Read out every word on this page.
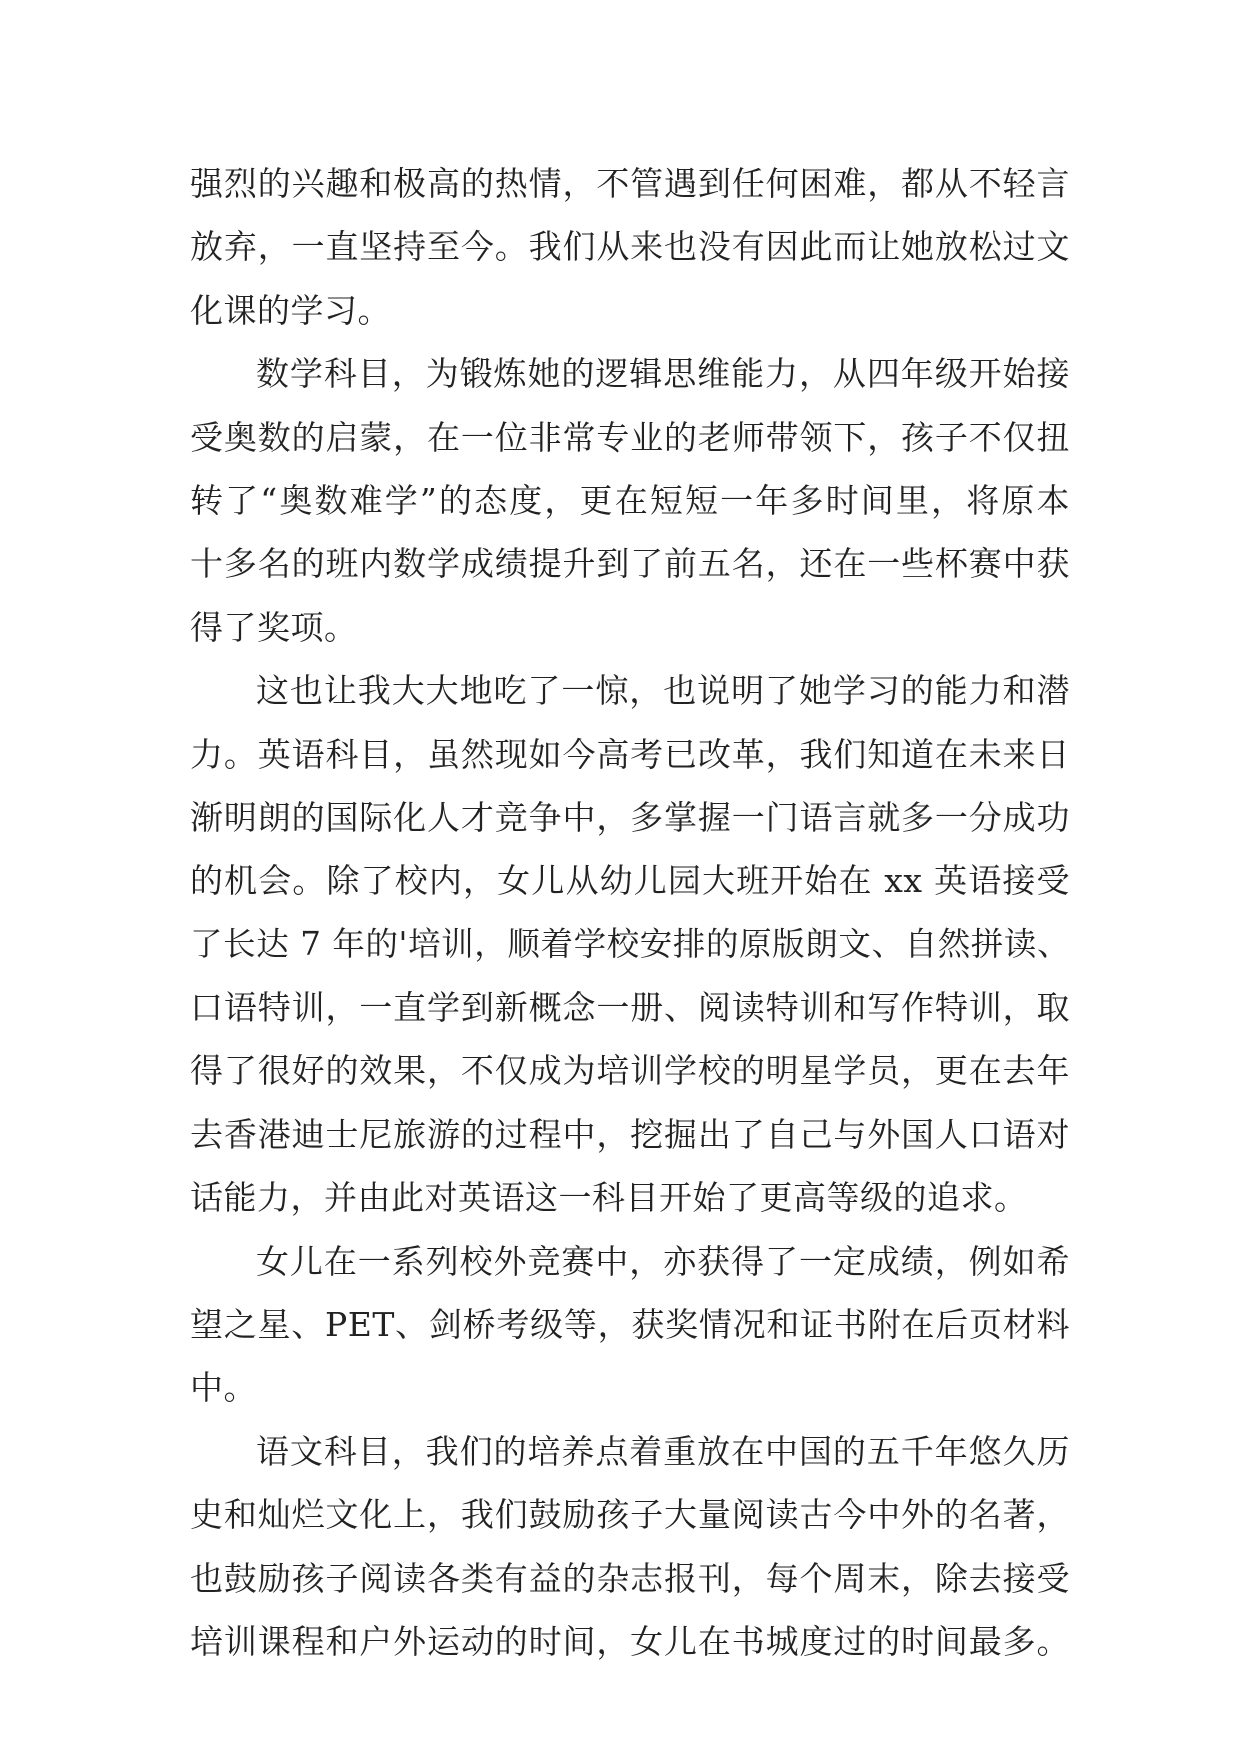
强烈的兴趣和极高的热情，不管遇到任何困难，都从不轻言
放弃，一直坚持至今。我们从来也没有因此而让她放松过文
化课的学习。
数学科目，为锻炼她的逻辑思维能力，从四年级开始接
受奥数的启蒙，在一位非常专业的老师带领下，孩子不仅扭
转了“奥数难学”的态度，更在短短一年多时间里，将原本
十多名的班内数学成绩提升到了前五名，还在一些杯赛中获
得了奖项。
这也让我大大地吃了一惊，也说明了她学习的能力和潜
力。英语科目，虽然现如今高考已改革，我们知道在未来日
渐明朗的国际化人才竞争中，多掌握一门语言就多一分成功
的机会。除了校内，女儿从幼儿园大班开始在 xx 英语接受
了长达 7 年的'培训，顺着学校安排的原版朗文、自然拼读、
口语特训，一直学到新概念一册、阅读特训和写作特训，取
得了很好的效果，不仅成为培训学校的明星学员，更在去年
去香港迪士尼旅游的过程中，挖掘出了自己与外国人口语对
话能力，并由此对英语这一科目开始了更高等级的追求。
女儿在一系列校外竞赛中，亦获得了一定成绩，例如希
望之星、PET、剑桥考级等，获奖情况和证书附在后页材料
中。
语文科目，我们的培养点着重放在中国的五千年悠久历
史和灿烂文化上，我们鼓励孩子大量阅读古今中外的名著，
也鼓励孩子阅读各类有益的杂志报刊，每个周末，除去接受
培训课程和户外运动的时间，女儿在书城度过的时间最多。
